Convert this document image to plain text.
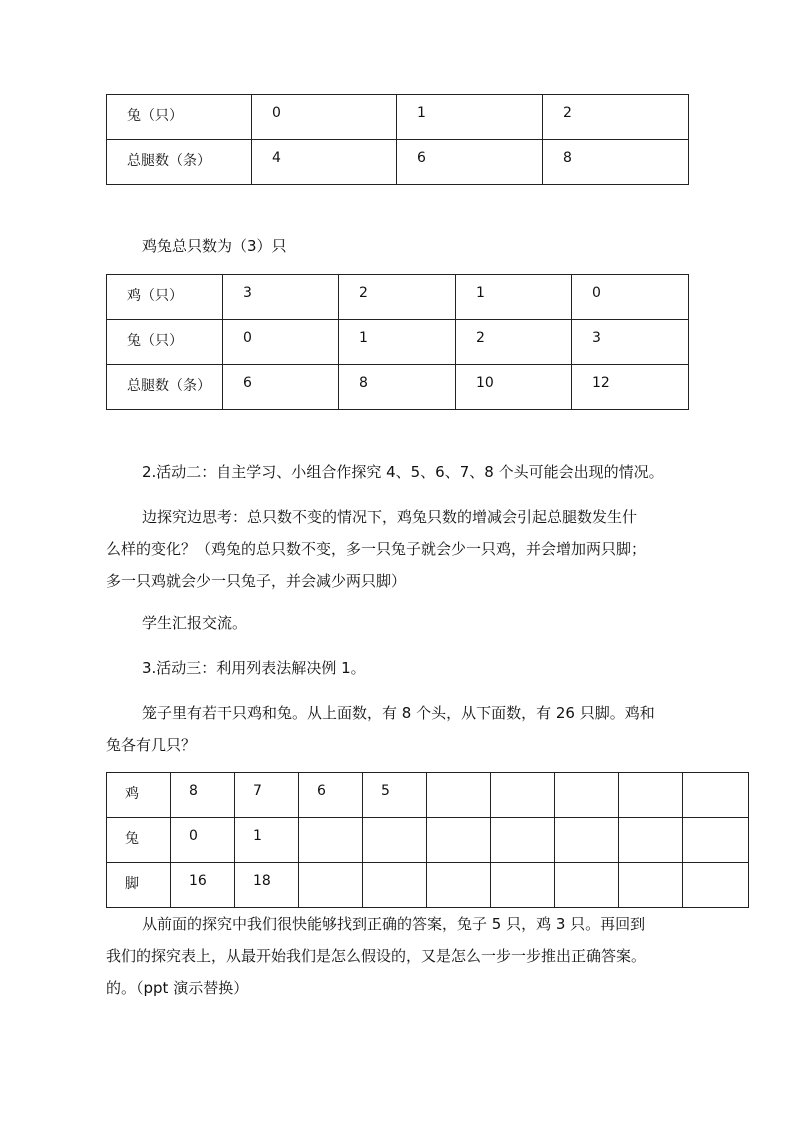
兔（只）	0	1	2
总腿数（条）	4	6	8
鸡兔总只数为（3）只
鸡（只）	3	2	1	0
兔（只）	0	1	2	3
总腿数（条）	6	8	10	12
2.活动二：自主学习、小组合作探究 4、5、6、7、8 个头可能会出现的情况。
边探究边思考：总只数不变的情况下，鸡兔只数的增减会引起总腿数发生什
么样的变化？（鸡兔的总只数不变，多一只兔子就会少一只鸡，并会增加两只脚；
多一只鸡就会少一只兔子，并会减少两只脚）
学生汇报交流。
3.活动三：利用列表法解决例 1。
笼子里有若干只鸡和兔。从上面数，有 8 个头，从下面数，有 26 只脚。鸡和
兔各有几只？
鸡	8	7	6	5					
兔	0	1							
脚	16	18							
从前面的探究中我们很快能够找到正确的答案，兔子 5 只，鸡 3 只。再回到
我们的探究表上，从最开始我们是怎么假设的，又是怎么一步一步推出正确答案。
的。（ppt 演示替换）
